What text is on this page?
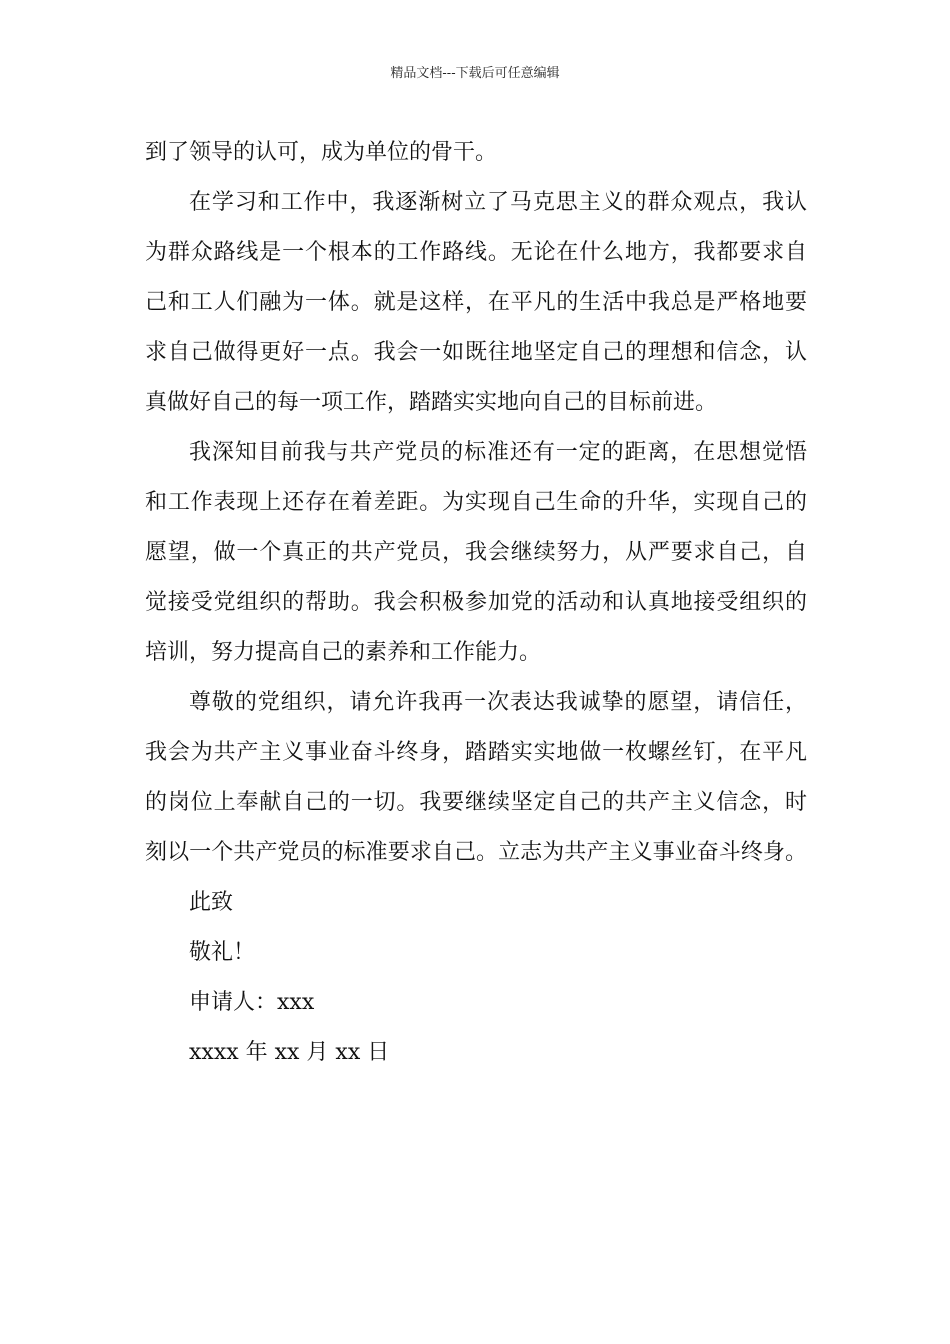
精品文档---下载后可任意编辑
到了领导的认可，成为单位的骨干。
在学习和工作中，我逐渐树立了马克思主义的群众观点，我认
为群众路线是一个根本的工作路线。无论在什么地方，我都要求自
己和工人们融为一体。就是这样，在平凡的生活中我总是严格地要
求自己做得更好一点。我会一如既往地坚定自己的理想和信念，认
真做好自己的每一项工作，踏踏实实地向自己的目标前进。
我深知目前我与共产党员的标准还有一定的距离，在思想觉悟
和工作表现上还存在着差距。为实现自己生命的升华，实现自己的
愿望，做一个真正的共产党员，我会继续努力，从严要求自己，自
觉接受党组织的帮助。我会积极参加党的活动和认真地接受组织的
培训，努力提高自己的素养和工作能力。
尊敬的党组织，请允许我再一次表达我诚挚的愿望，请信任，
我会为共产主义事业奋斗终身，踏踏实实地做一枚螺丝钉，在平凡
的岗位上奉献自己的一切。我要继续坚定自己的共产主义信念，时
刻以一个共产党员的标准要求自己。立志为共产主义事业奋斗终身。
此致
敬礼！
申请人：xxx
xxxx 年 xx 月 xx 日
